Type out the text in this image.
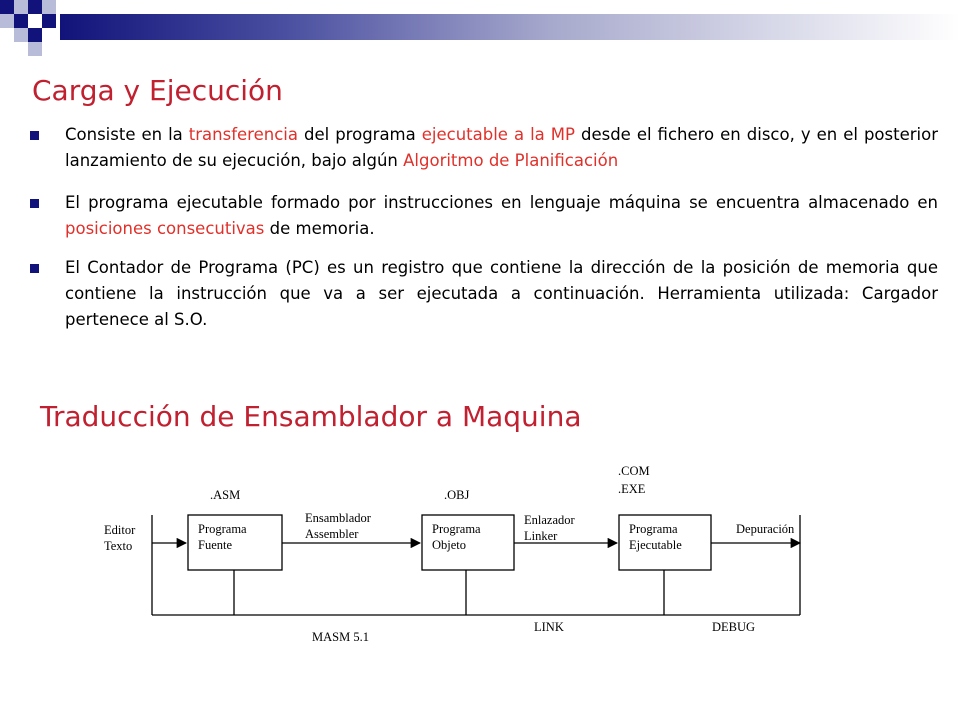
Carga y Ejecución
Consiste en la transferencia del programa ejecutable a la MP desde el fichero en disco, y en el posterior lanzamiento de su ejecución, bajo algún Algoritmo de Planificación
El programa ejecutable formado por instrucciones en lenguaje máquina se encuentra almacenado en posiciones consecutivas de memoria.
El Contador de Programa (PC) es un registro que contiene la dirección de la posición de memoria que contiene la instrucción que va a ser ejecutada a continuación. Herramienta utilizada: Cargador pertenece al S.O.
Traducción de Ensamblador a Maquina
Editor
Texto
.ASM
Programa
Fuente
Ensamblador
Assembler
.OBJ
Programa
Objeto
Enlazador
Linker
.COM
.EXE
Programa
Ejecutable
Depuración
MASM 5.1
LINK	DEBUG
